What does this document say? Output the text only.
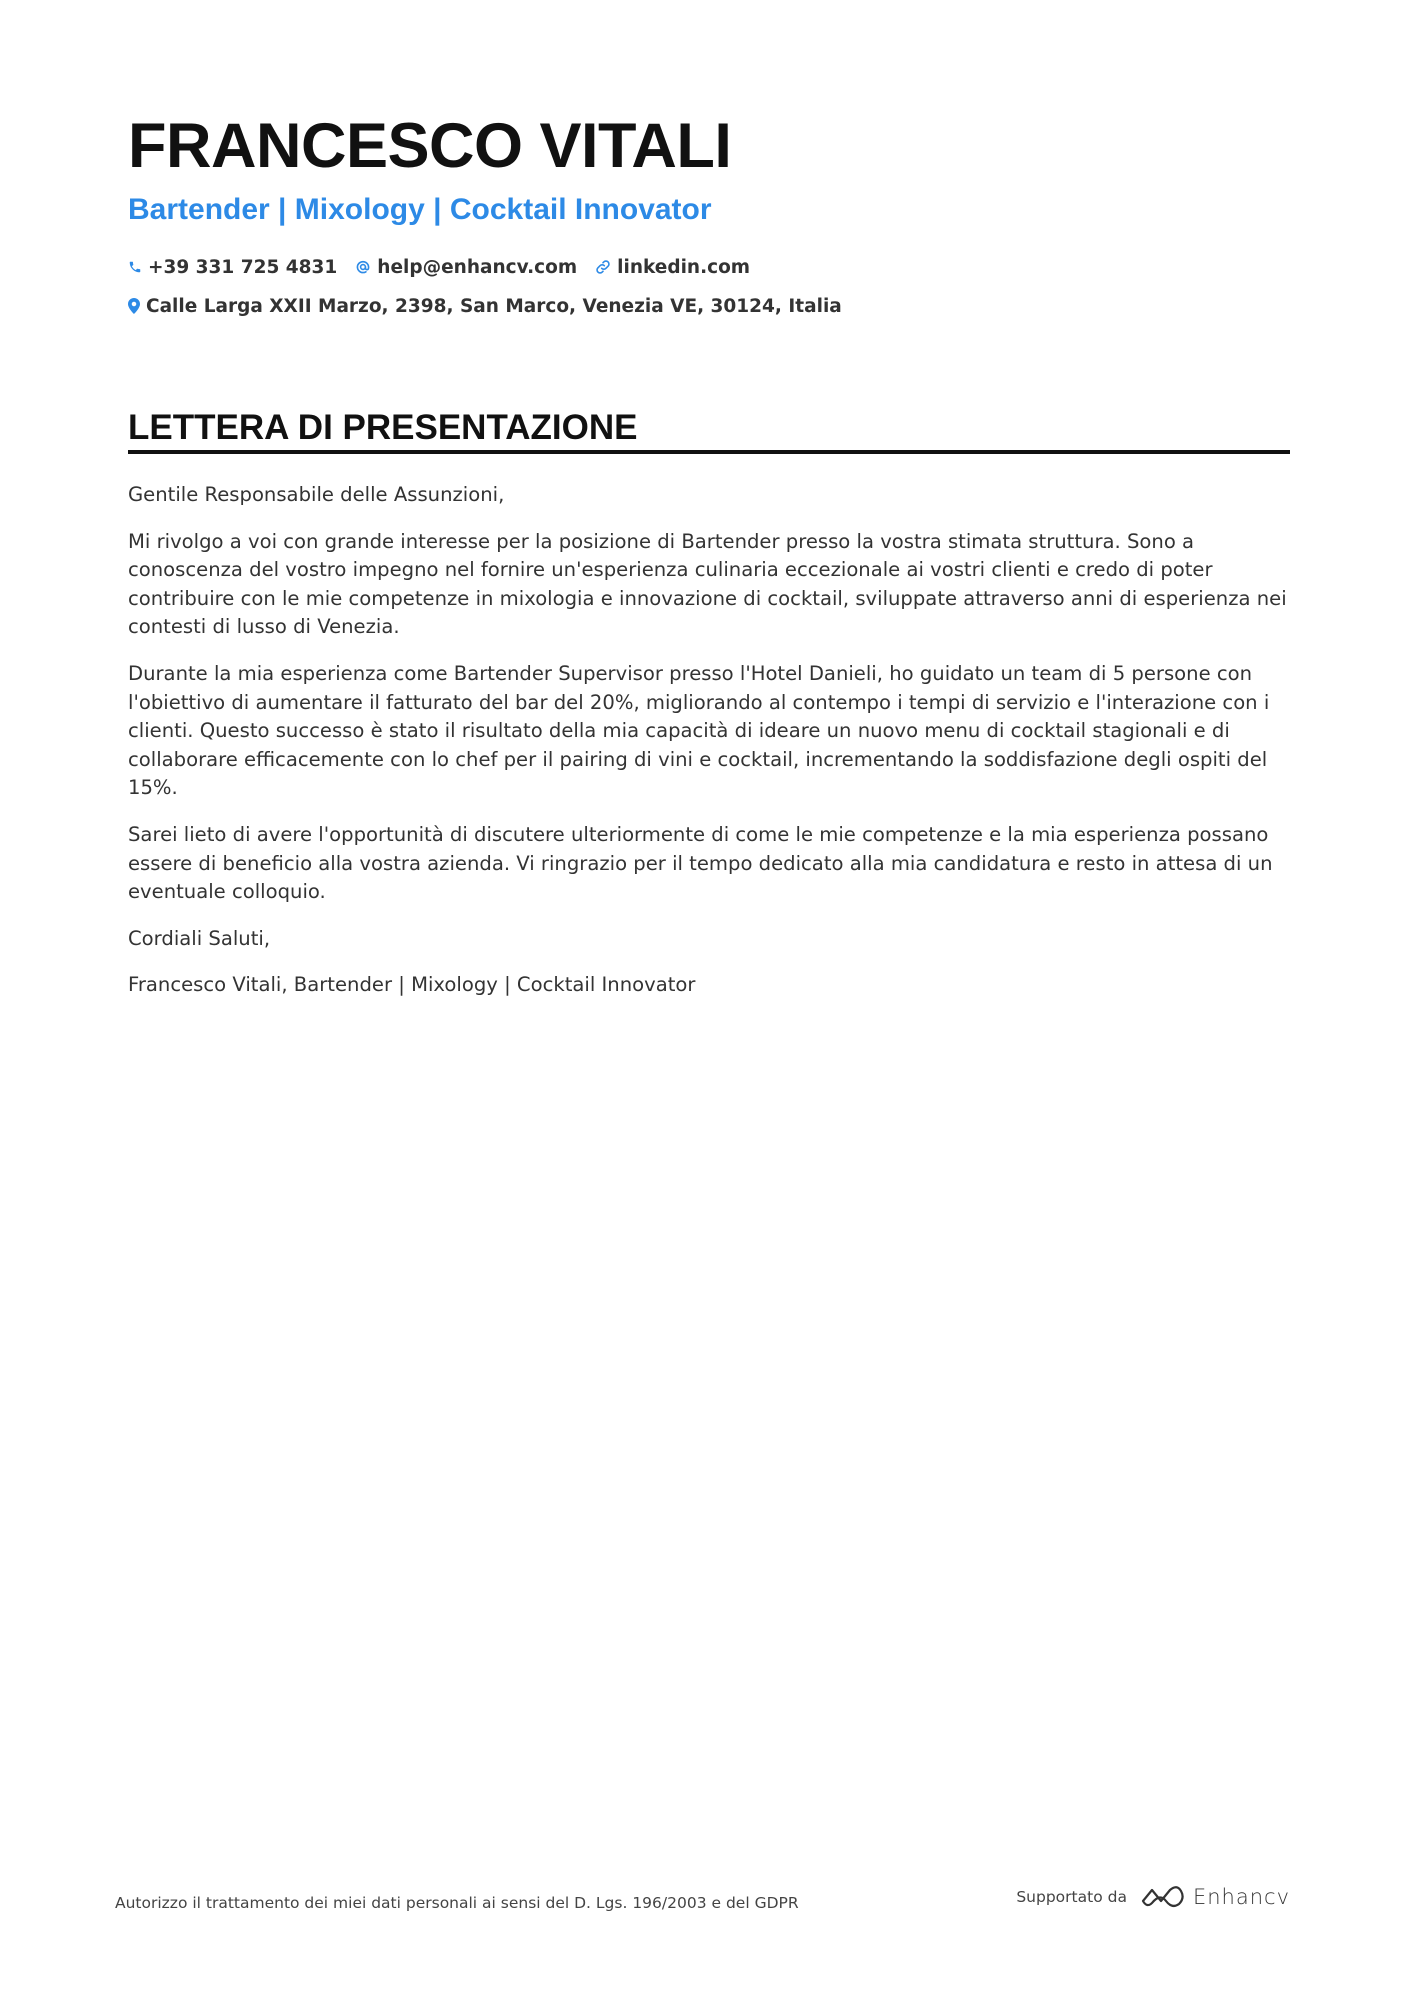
FRANCESCO VITALI
Bartender | Mixology | Cocktail Innovator
+39 331 725 4831 help@enhancv.com linkedin.com
Calle Larga XXII Marzo, 2398, San Marco, Venezia VE, 30124, Italia
LETTERA DI PRESENTAZIONE

Gentile Responsabile delle Assunzioni,

Mi rivolgo a voi con grande interesse per la posizione di Bartender presso la vostra stimata struttura. Sono a conoscenza del vostro impegno nel fornire un'esperienza culinaria eccezionale ai vostri clienti e credo di poter contribuire con le mie competenze in mixologia e innovazione di cocktail, sviluppate attraverso anni di esperienza nei contesti di lusso di Venezia.

Durante la mia esperienza come Bartender Supervisor presso l'Hotel Danieli, ho guidato un team di 5 persone con l'obiettivo di aumentare il fatturato del bar del 20%, migliorando al contempo i tempi di servizio e l'interazione con i clienti. Questo successo è stato il risultato della mia capacità di ideare un nuovo menu di cocktail stagionali e di collaborare efficacemente con lo chef per il pairing di vini e cocktail, incrementando la soddisfazione degli ospiti del 15%.

Sarei lieto di avere l'opportunità di discutere ulteriormente di come le mie competenze e la mia esperienza possano essere di beneficio alla vostra azienda. Vi ringrazio per il tempo dedicato alla mia candidatura e resto in attesa di un eventuale colloquio.

Cordiali Saluti,

Francesco Vitali, Bartender | Mixology | Cocktail Innovator

Autorizzo il trattamento dei miei dati personali ai sensi del D. Lgs. 196/2003 e del GDPR	Supportato da	Enhancv
